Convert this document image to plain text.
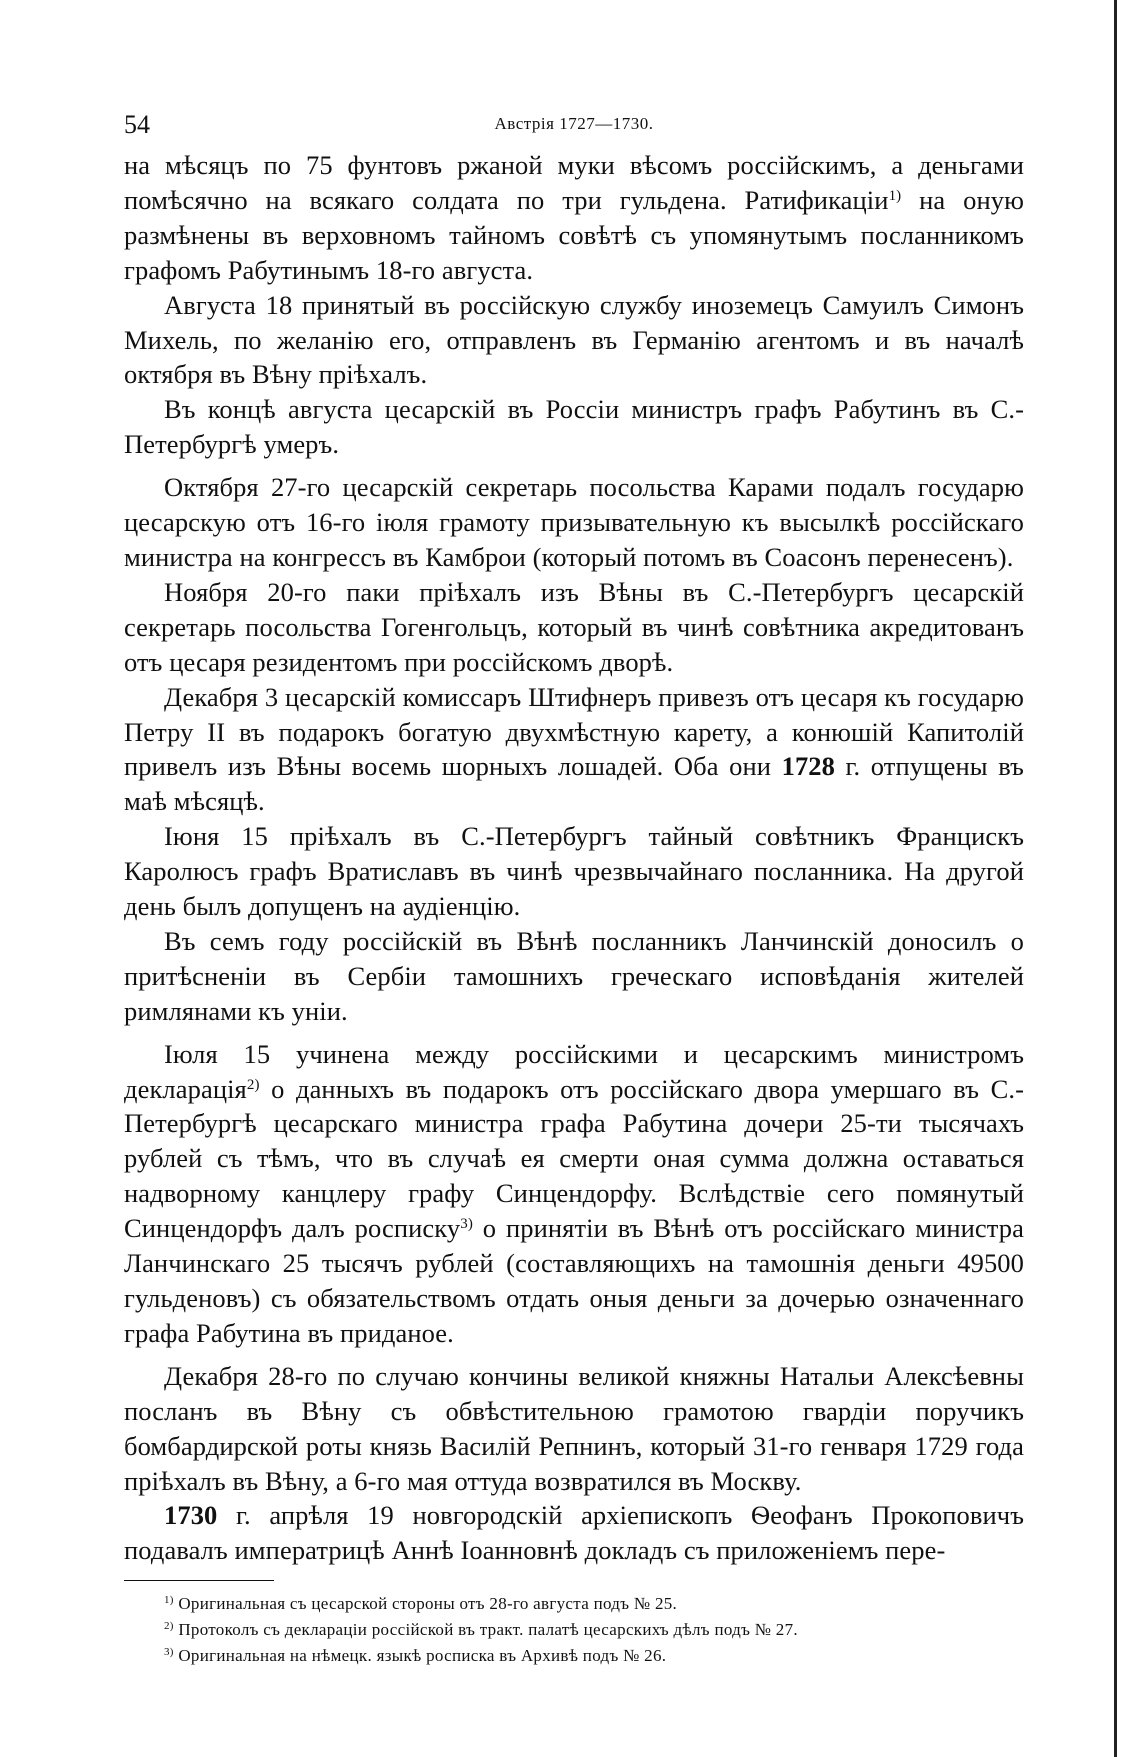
54	Австрія 1727—1730.

на мѣсяцъ по 75 фунтовъ ржаной муки вѣсомъ россійскимъ, а деньгами помѣсячно на всякаго солдата по три гульдена. Ратификаціи$^{1)}$ на оную размѣнены въ верховномъ тайномъ совѣтѣ съ упомянутымъ посланникомъ графомъ Рабутинымъ 18-го августа.

Августа 18 принятый въ россійскую службу иноземецъ Самуилъ Симонъ Михель, по желанію его, отправленъ въ Германію агентомъ и въ началѣ октября въ Вѣну пріѣхалъ.

Въ концѣ августа цесарскій въ Россіи министръ графъ Рабутинъ въ С.-Петербургѣ умеръ.

Октября 27-го цесарскій секретарь посольства Карами подалъ государю цесарскую отъ 16-го іюля грамоту призывательную къ высылкѣ россійскаго министра на конгрессъ въ Камброи (который потомъ въ Соасонъ перенесенъ).

Ноября 20-го паки пріѣхалъ изъ Вѣны въ С.-Петербургъ цесарскій секретарь посольства Гогенгольцъ, который въ чинѣ совѣтника акредитованъ отъ цесаря резидентомъ при россійскомъ дворѣ.

Декабря 3 цесарскій комиссаръ Штифнеръ привезъ отъ цесаря къ государю Петру II въ подарокъ богатую двухмѣстную карету, а конюшій Капитолій привелъ изъ Вѣны восемь шорныхъ лошадей. Оба они 1728 г. отпущены въ маѣ мѣсяцѣ.

Іюня 15 пріѣхалъ въ С.-Петербургъ тайный совѣтникъ Францискъ Каролюсъ графъ Вратиславъ въ чинѣ чрезвычайнаго посланника. На другой день былъ допущенъ на аудіенцію.

Въ семъ году россійскій въ Вѣнѣ посланникъ Ланчинскій доносилъ о притѣсненіи въ Сербіи тамошнихъ греческаго исповѣданія жителей римлянами къ уніи.

Іюля 15 учинена между россійскими и цесарскимъ министромъ декларація$^{2)}$ о данныхъ въ подарокъ отъ россійскаго двора умершаго въ С.-Петербургѣ цесарскаго министра графа Рабутина дочери 25-ти тысячахъ рублей съ тѣмъ, что въ случаѣ ея смерти оная сумма должна оставаться надворному канцлеру графу Синцендорфу. Вслѣдствіе сего помянутый Синцендорфъ далъ росписку$^{3)}$ о принятіи въ Вѣнѣ отъ россійскаго министра Ланчинскаго 25 тысячъ рублей (составляющихъ на тамошнія деньги 49500 гульденовъ) съ обязательствомъ отдать оныя деньги за дочерью означеннаго графа Рабутина въ приданое.

Декабря 28-го по случаю кончины великой княжны Натальи Алексѣевны посланъ въ Вѣну съ обвѣстительною грамотою гвардіи поручикъ бомбардирской роты князь Василій Репнинъ, который 31-го генваря 1729 года пріѣхалъ въ Вѣну, а 6-го мая оттуда возвратился въ Москву.

1730 г. апрѣля 19 новгородскій архіепископъ Ѳеофанъ Прокоповичъ подавалъ императрицѣ Аннѣ Іоанновнѣ докладъ съ приложеніемъ пере-

$^{1)}$ Оригинальная съ цесарской стороны отъ 28-го августа подъ № 25.
$^{2)}$ Протоколъ съ деклараціи россійской въ тракт. палатѣ цесарскихъ дѣлъ подъ № 27.
$^{3)}$ Оригинальная на нѣмецк. языкѣ росписка въ Архивѣ подъ № 26.
